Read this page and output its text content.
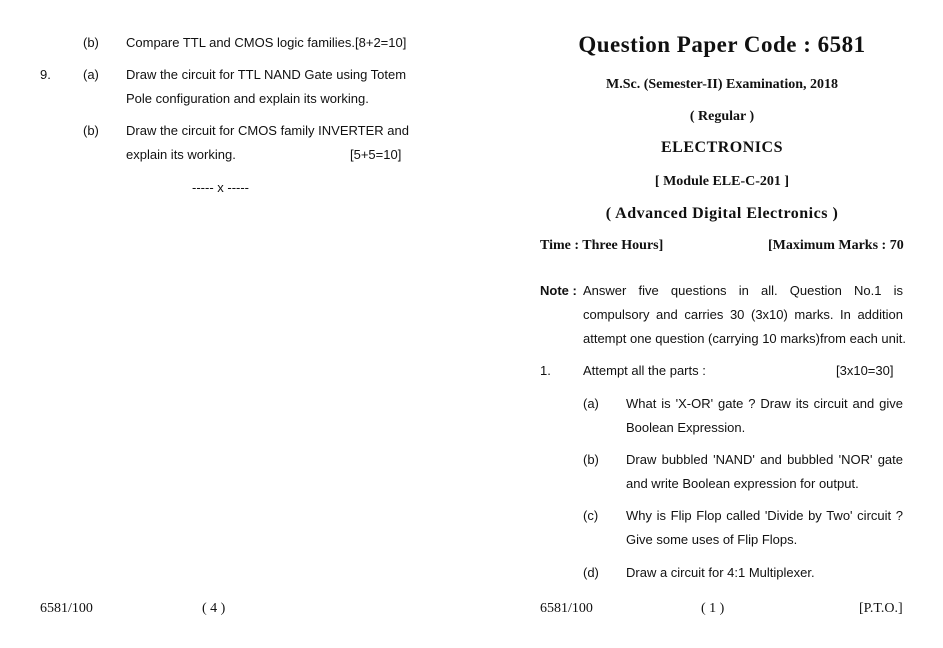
(b) Compare TTL and CMOS logic families.[8+2=10]
9. (a) Draw the circuit for TTL NAND Gate using Totem
Pole configuration and explain its working.
(b) Draw the circuit for CMOS family INVERTER and
explain its working.	[5+5=10]
----- x -----
6581/100	( 4 )
Question Paper Code : 6581
M.Sc. (Semester-II) Examination, 2018
( Regular )
ELECTRONICS
[ Module ELE-C-201 ]
( Advanced Digital Electronics )
Time : Three Hours]	[Maximum Marks : 70
Note : Answer five questions in all. Question No.1 is
compulsory and carries 30 (3x10) marks. In addition
attempt one question (carrying 10 marks)from each unit.
1. Attempt all the parts :	[3x10=30]
(a) What is 'X-OR' gate ? Draw its circuit and give
Boolean Expression.
(b) Draw bubbled 'NAND' and bubbled 'NOR' gate
and write Boolean expression for output.
(c) Why is Flip Flop called 'Divide by Two' circuit ?
Give some uses of Flip Flops.
(d) Draw a circuit for 4:1 Multiplexer.
6581/100	( 1 )	[P.T.O.]
